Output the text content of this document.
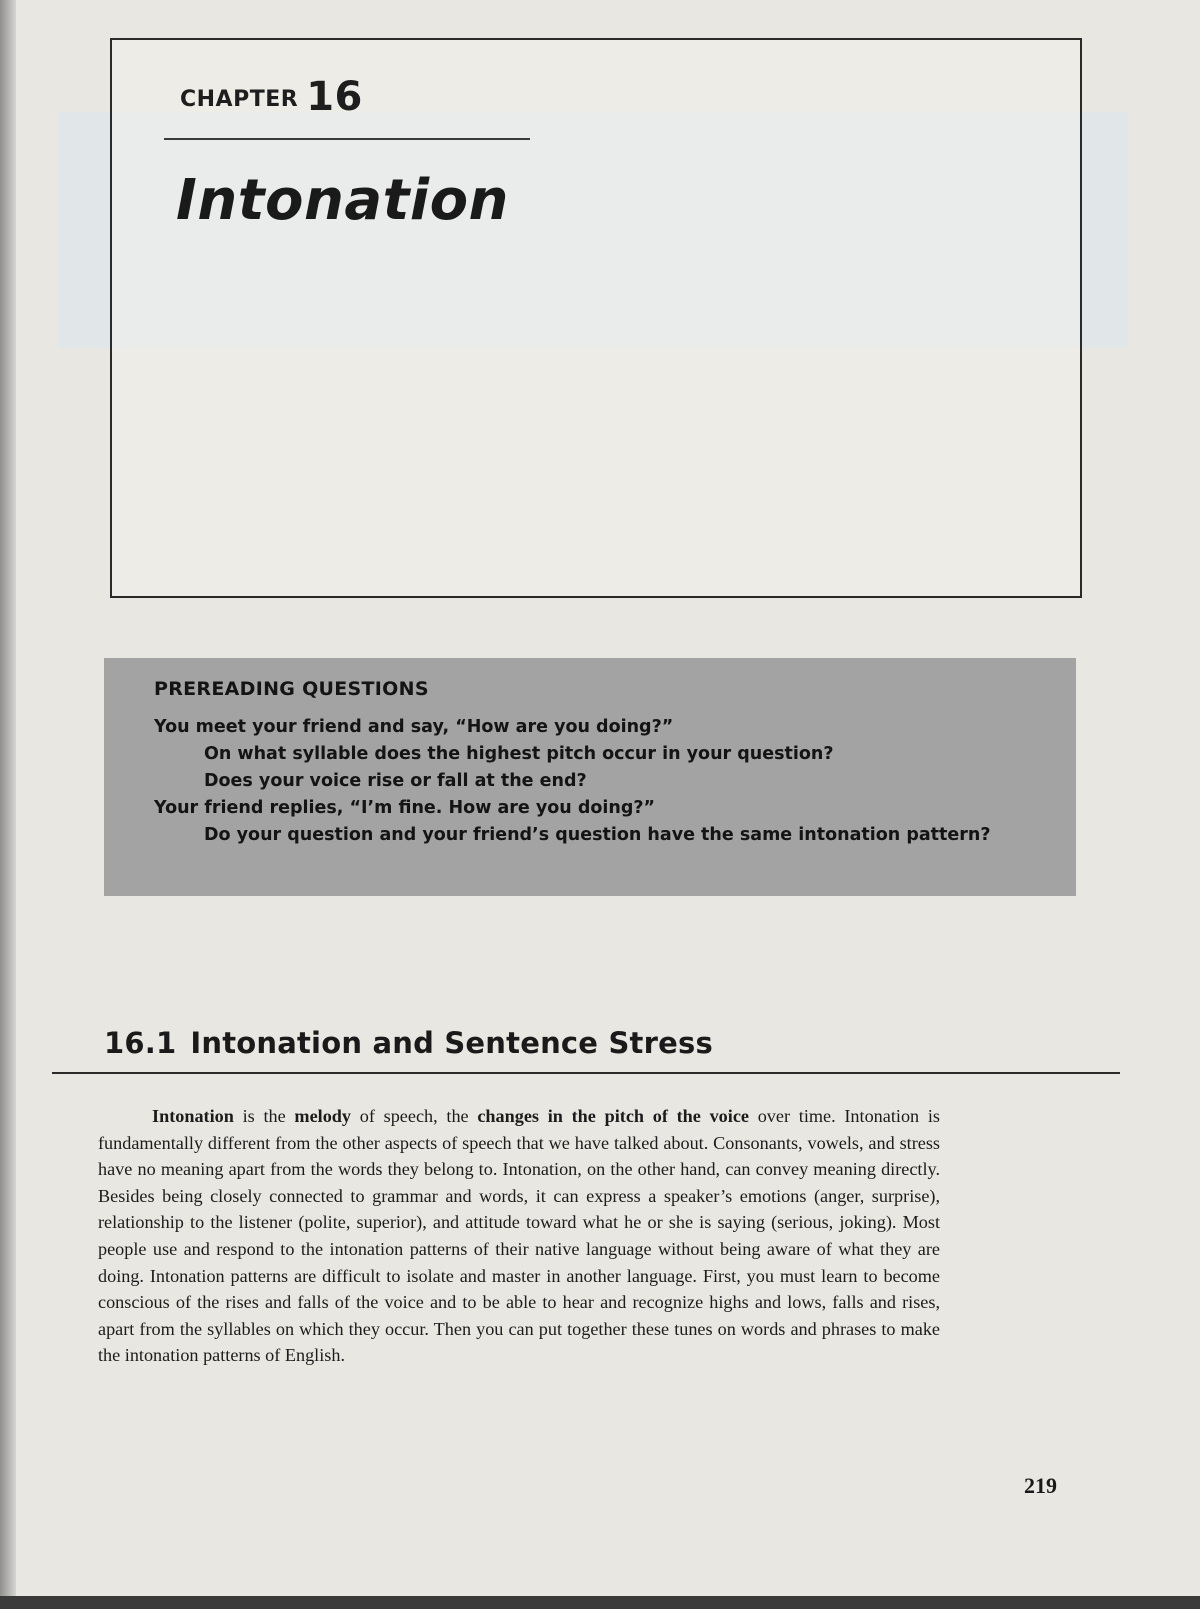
CHAPTER 16
Intonation
PREREADING QUESTIONS

You meet your friend and say, “How are you doing?”

On what syllable does the highest pitch occur in your question?

Does your voice rise or fall at the end?

Your friend replies, “I’m fine. How are you doing?”

Do your question and your friend’s question have the same intonation pattern?

16.1 Intonation and Sentence Stress

Intonation is the melody of speech, the changes in the pitch of the voice over time. Intonation is fundamentally different from the other aspects of speech that we have talked about. Consonants, vowels, and stress have no meaning apart from the words they belong to. Intonation, on the other hand, can convey meaning directly. Besides being closely connected to grammar and words, it can express a speaker’s emotions (anger, surprise), relationship to the listener (polite, superior), and attitude toward what he or she is saying (serious, joking). Most people use and respond to the intonation patterns of their native language without being aware of what they are doing. Intonation patterns are difficult to isolate and master in another language. First, you must learn to become conscious of the rises and falls of the voice and to be able to hear and recognize highs and lows, falls and rises, apart from the syllables on which they occur. Then you can put together these tunes on words and phrases to make the intonation patterns of English.

219
